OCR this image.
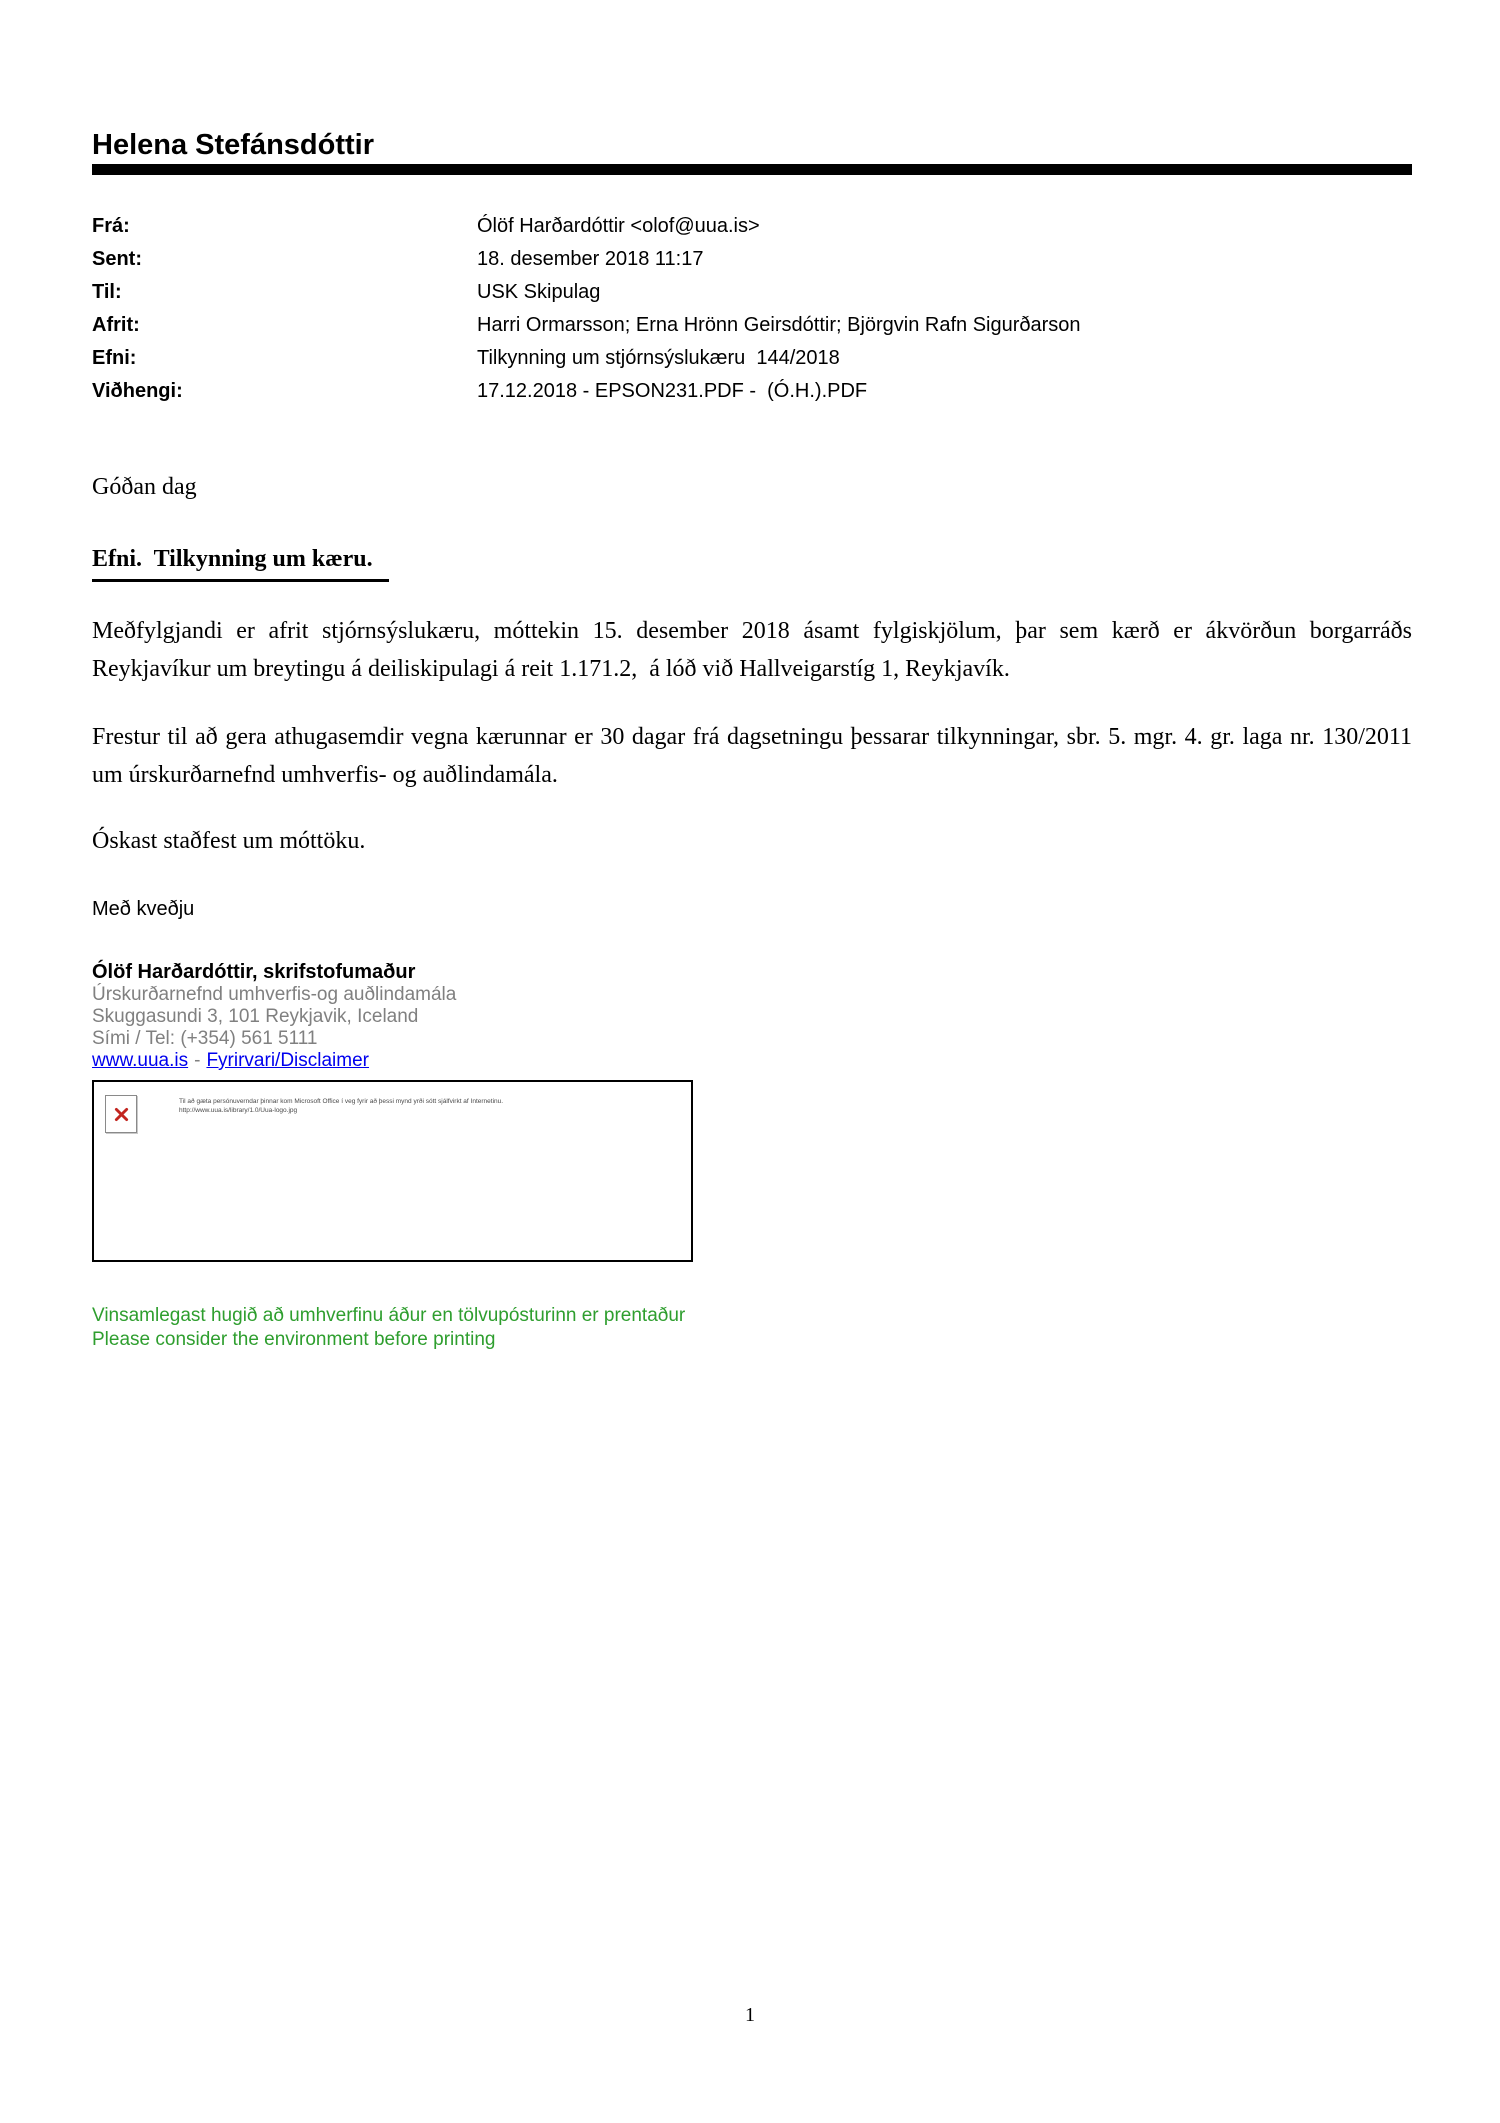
Helena Stefánsdóttir
Frá:	Ólöf Harðardóttir <olof@uua.is>
Sent:	18. desember 2018 11:17
Til:	USK Skipulag
Afrit:	Harri Ormarsson; Erna Hrönn Geirsdóttir; Björgvin Rafn Sigurðarson
Efni:	Tilkynning um stjórnsýslukæru  144/2018
Viðhengi:	17.12.2018 - EPSON231.PDF -  (Ó.H.).PDF
Góðan dag
Efni.  Tilkynning um kæru.
Meðfylgjandi er afrit stjórnsýslukæru, móttekin 15. desember 2018 ásamt fylgiskjölum, þar sem kærð er ákvörðun borgarráðs Reykjavíkur um breytingu á deiliskipulagi á reit 1.171.2,  á lóð við Hallveigarstíg 1, Reykjavík.
Frestur til að gera athugasemdir vegna kærunnar er 30 dagar frá dagsetningu þessarar tilkynningar, sbr. 5. mgr. 4. gr. laga nr. 130/2011 um úrskurðarnefnd umhverfis- og auðlindamála.
Óskast staðfest um móttöku.
Með kveðju
Ólöf Harðardóttir, skrifstofumaður
Úrskurðarnefnd umhverfis-og auðlindamála
Skuggasundi 3, 101 Reykjavik, Iceland
Sími / Tel: (+354) 561 5111
www.uua.is - Fyrirvari/Disclaimer
Til að gæta persónuverndar þinnar kom Microsoft Office í veg fyrir að þessi mynd yrði sótt sjálfvirkt af Internetinu.
http://www.uua.is/library/1.0/Uua-logo.jpg
Vinsamlegast hugið að umhverfinu áður en tölvupósturinn er prentaður
Please consider the environment before printing
1
